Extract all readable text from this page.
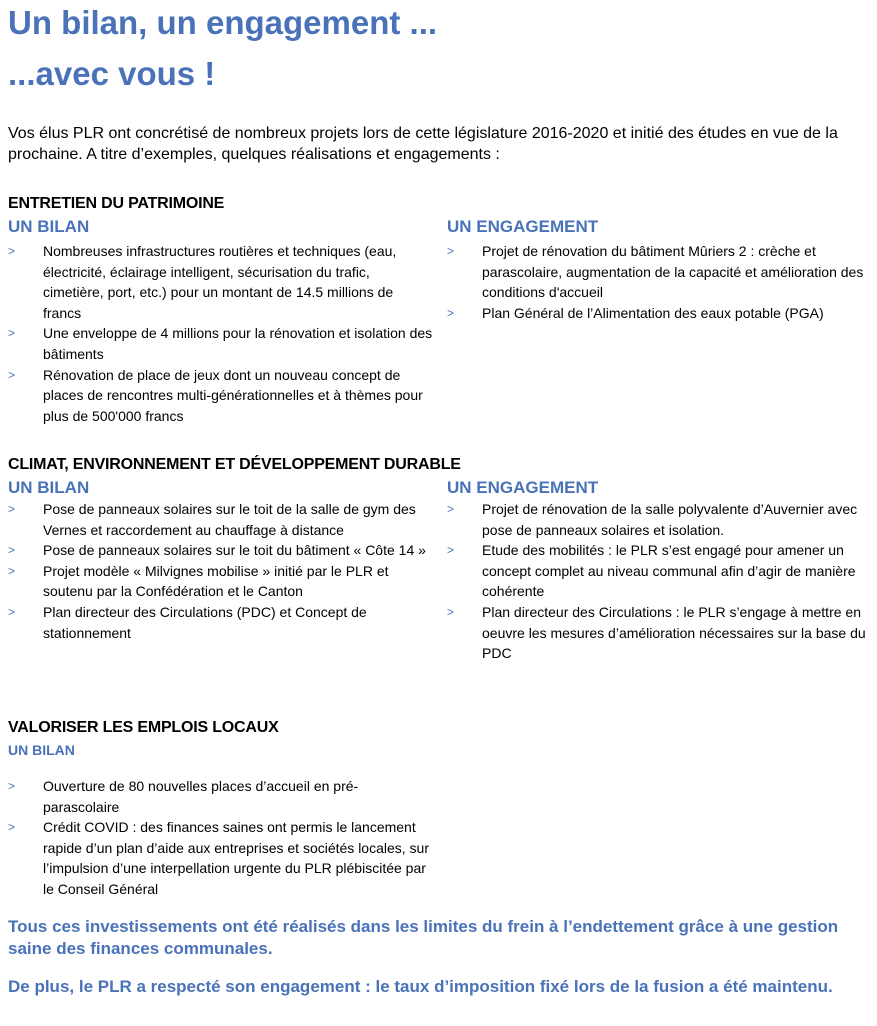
Un bilan, un engagement ...
...avec vous !

Vos élus PLR ont concrétisé de nombreux projets lors de cette législature 2016-2020 et initié des études en vue de la prochaine. A titre d’exemples, quelques réalisations et engagements :

ENTRETIEN DU PATRIMOINE
UN BILAN
> Nombreuses infrastructures routières et techniques (eau, électricité, éclairage intelligent, sécurisation du trafic, cimetière, port, etc.) pour un montant de 14.5 millions de francs
> Une enveloppe de 4 millions pour la rénovation et isolation des bâtiments
> Rénovation de place de jeux dont un nouveau concept de places de rencontres multi-générationnelles et à thèmes pour plus de 500'000 francs
UN ENGAGEMENT
> Projet de rénovation du bâtiment Mûriers 2 : crèche et parascolaire, augmentation de la capacité et amélioration des conditions d'accueil
> Plan Général de l’Alimentation des eaux potable (PGA)
CLIMAT, ENVIRONNEMENT ET DÉVELOPPEMENT DURABLE
UN BILAN
> Pose de panneaux solaires sur le toit de la salle de gym des Vernes et raccordement au chauffage à distance
> Pose de panneaux solaires sur le toit du bâtiment « Côte 14 »
> Projet modèle « Milvignes mobilise » initié par le PLR et soutenu par la Confédération et le Canton
> Plan directeur des Circulations (PDC) et Concept de stationnement
UN ENGAGEMENT
> Projet de rénovation de la salle polyvalente d’Auvernier avec pose de panneaux solaires et isolation.
> Etude des mobilités : le PLR s’est engagé pour amener un concept complet au niveau communal afin d’agir de manière cohérente
> Plan directeur des Circulations : le PLR s’engage à mettre en oeuvre les mesures d’amélioration nécessaires sur la base du PDC
VALORISER LES EMPLOIS LOCAUX
UN BILAN
> Ouverture de 80 nouvelles places d’accueil en pré-parascolaire
> Crédit COVID : des finances saines ont permis le lancement rapide d’un plan d’aide aux entreprises et sociétés locales, sur l’impulsion d’une interpellation urgente du PLR plébiscitée par le Conseil Général

Tous ces investissements ont été réalisés dans les limites du frein à l’endettement grâce à une gestion saine des finances communales.

De plus, le PLR a respecté son engagement : le taux d’imposition fixé lors de la fusion a été maintenu.
